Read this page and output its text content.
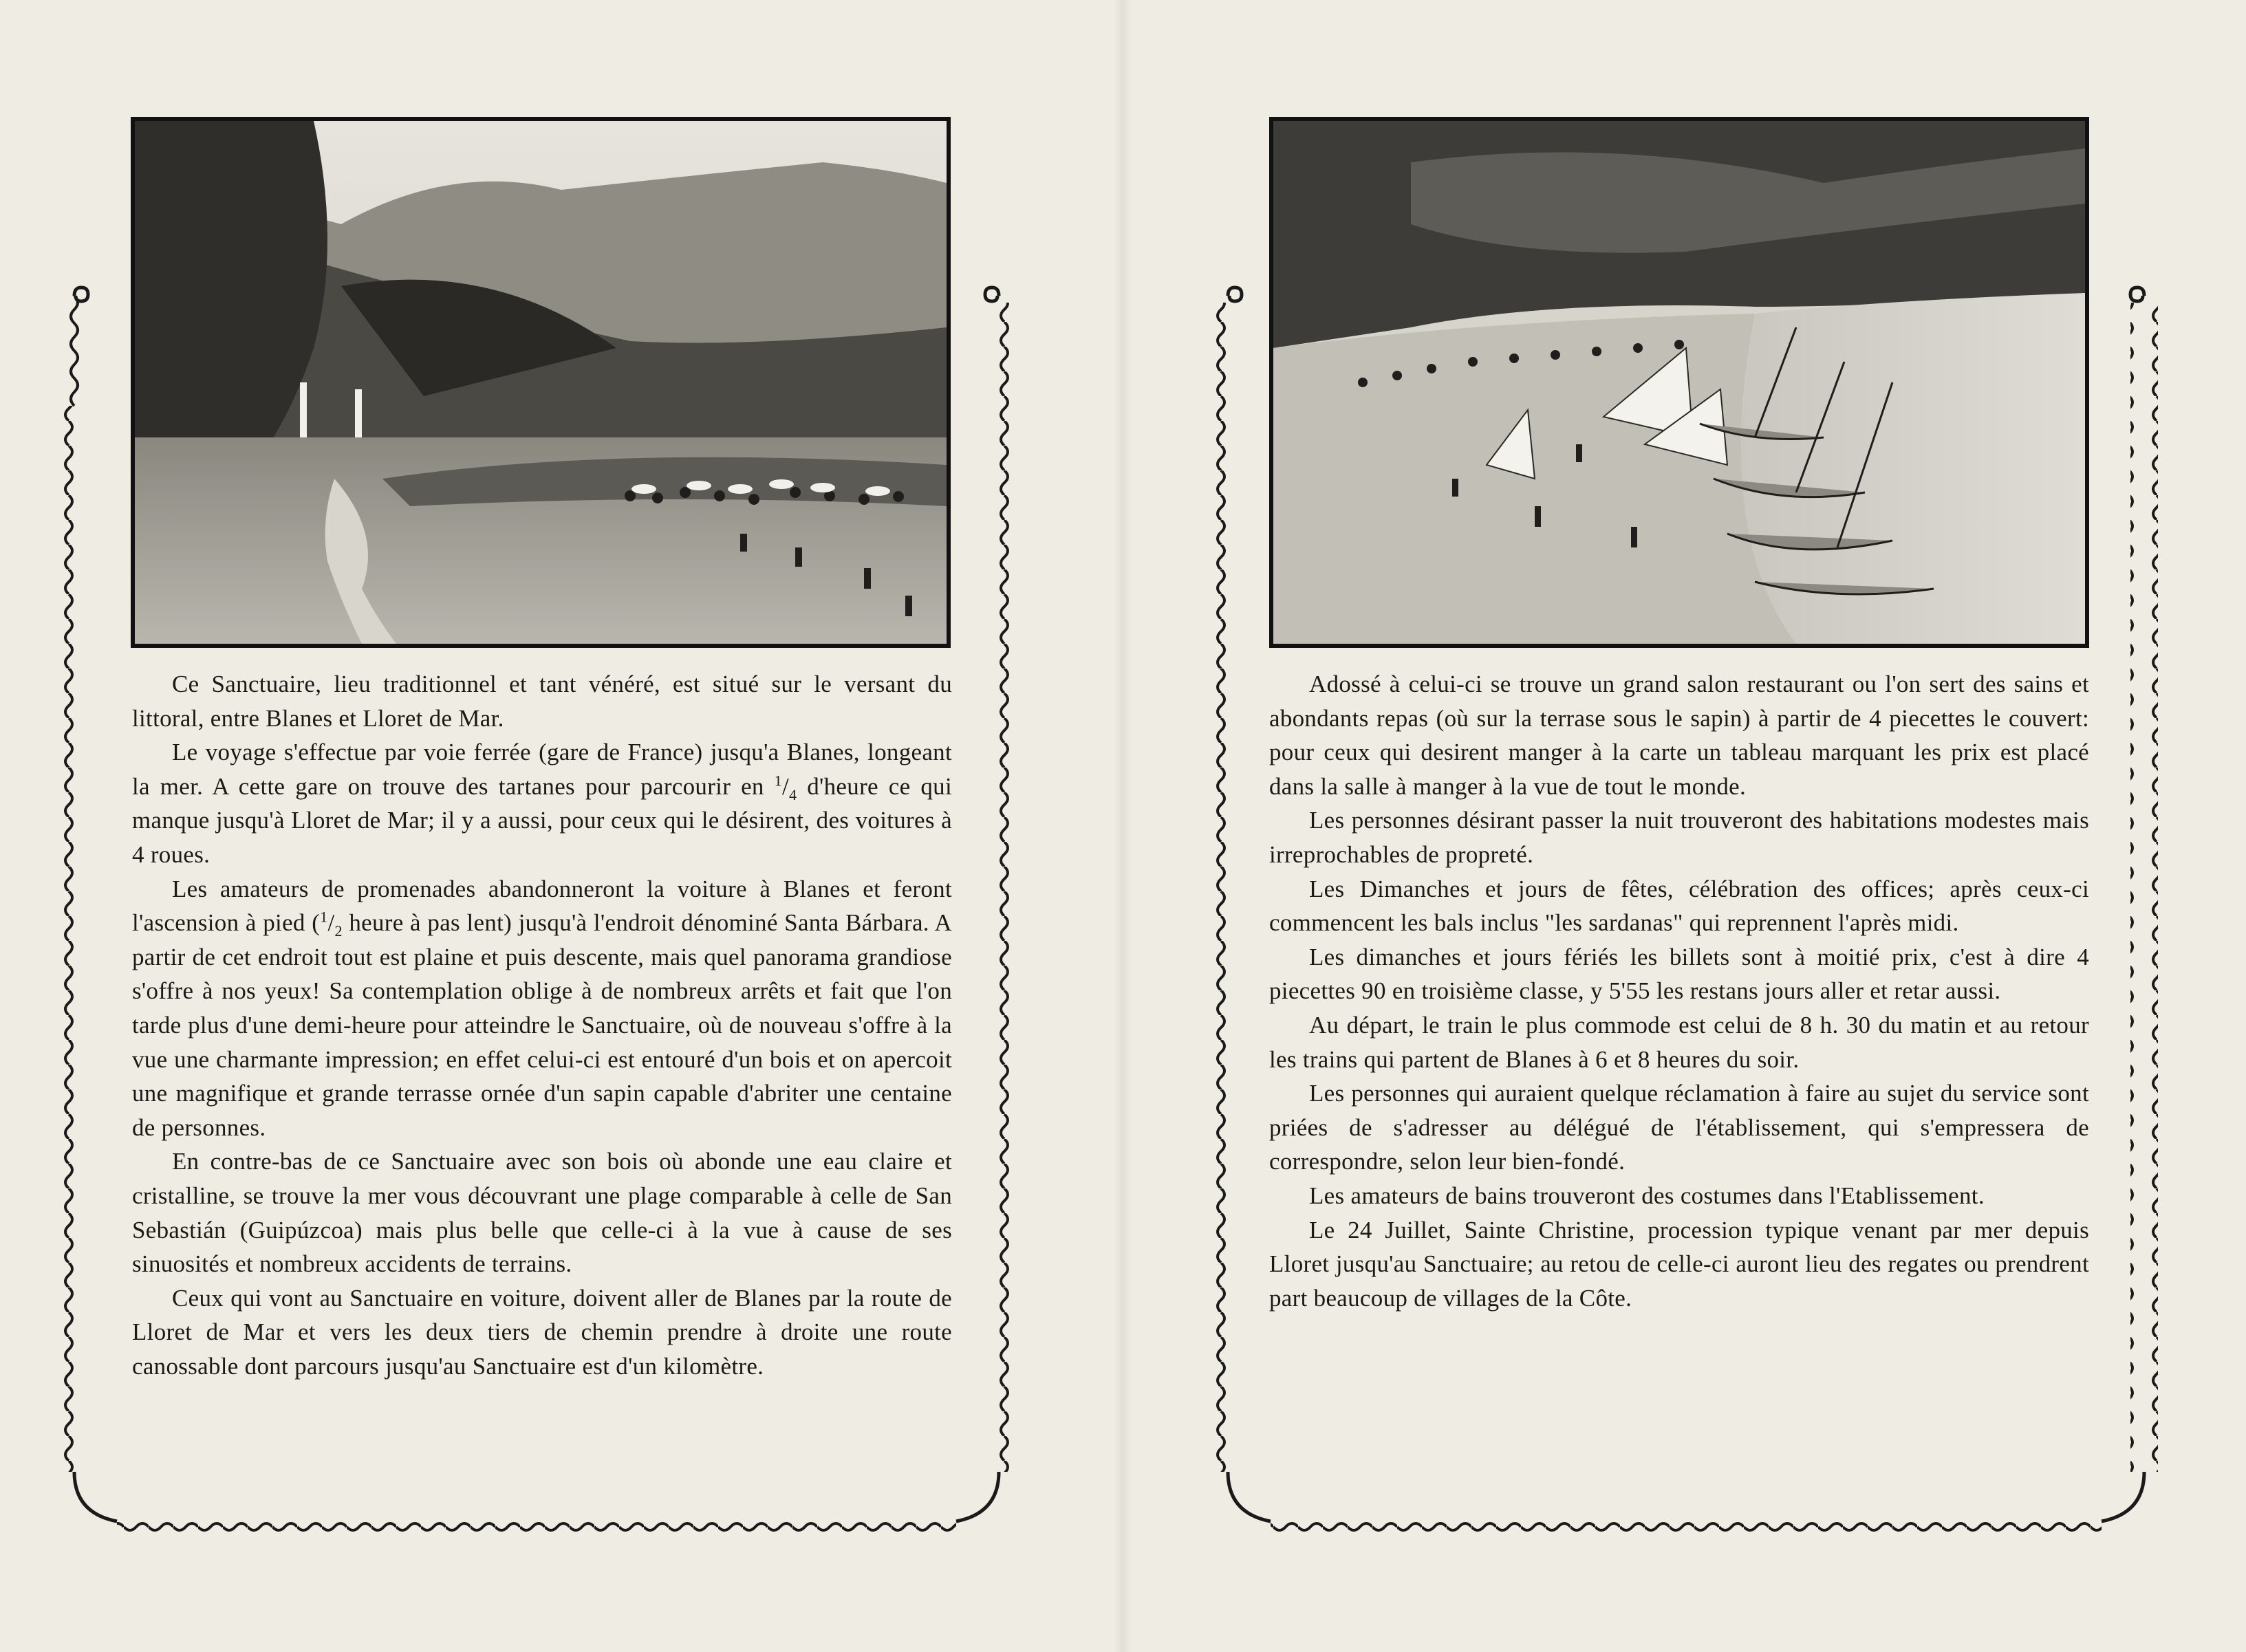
Ce Sanctuaire, lieu traditionnel et tant vénéré, est situé sur le versant du littoral, entre Blanes et Lloret de Mar.

Le voyage s'effectue par voie ferrée (gare de France) jusqu'a Blanes, longeant la mer. A cette gare on trouve des tartanes pour parcourir en $^1/_4$ d'heure ce qui manque jusqu'à Lloret de Mar; il y a aussi, pour ceux qui le désirent, des voitures à 4 roues.

Les amateurs de promenades abandonneront la voiture à Blanes et feront l'ascension à pied ($^1/_2$ heure à pas lent) jusqu'à l'endroit dénominé Santa Bárbara. A partir de cet endroit tout est plaine et puis descente, mais quel panorama grandiose s'offre à nos yeux! Sa contemplation oblige à de nombreux arrêts et fait que l'on tarde plus d'une demi-heure pour atteindre le Sanctuaire, où de nouveau s'offre à la vue une charmante impression; en effet celui-ci est entouré d'un bois et on apercoit une magnifique et grande terrasse ornée d'un sapin capable d'abriter une centaine de personnes.

En contre-bas de ce Sanctuaire avec son bois où abonde une eau claire et cristalline, se trouve la mer vous découvrant une plage comparable à celle de San Sebastián (Guipúzcoa) mais plus belle que celle-ci à la vue à cause de ses sinuosités et nombreux accidents de terrains.

Ceux qui vont au Sanctuaire en voiture, doivent aller de Blanes par la route de Lloret de Mar et vers les deux tiers de chemin prendre à droite une route canossable dont parcours jusqu'au Sanctuaire est d'un kilomètre.

Adossé à celui-ci se trouve un grand salon restaurant ou l'on sert des sains et abondants repas (où sur la terrase sous le sapin) à partir de 4 piecettes le couvert: pour ceux qui desirent manger à la carte un tableau marquant les prix est placé dans la salle à manger à la vue de tout le monde.

Les personnes désirant passer la nuit trouveront des habitations modestes mais irreprochables de propreté.

Les Dimanches et jours de fêtes, célébration des offices; après ceux-ci commencent les bals inclus "les sardanas" qui reprennent l'après midi.

Les dimanches et jours fériés les billets sont à moitié prix, c'est à dire 4 piecettes 90 en troisième classe, y 5'55 les restans jours aller et retar aussi.

Au départ, le train le plus commode est celui de 8 h. 30 du matin et au retour les trains qui partent de Blanes à 6 et 8 heures du soir.

Les personnes qui auraient quelque réclamation à faire au sujet du service sont priées de s'adresser au délégué de l'établissement, qui s'empressera de correspondre, selon leur bien-fondé.

Les amateurs de bains trouveront des costumes dans l'Etablissement.

Le 24 Juillet, Sainte Christine, procession typique venant par mer depuis Lloret jusqu'au Sanctuaire; au retou de celle-ci auront lieu des regates ou prendrent part beaucoup de villages de la Côte.
